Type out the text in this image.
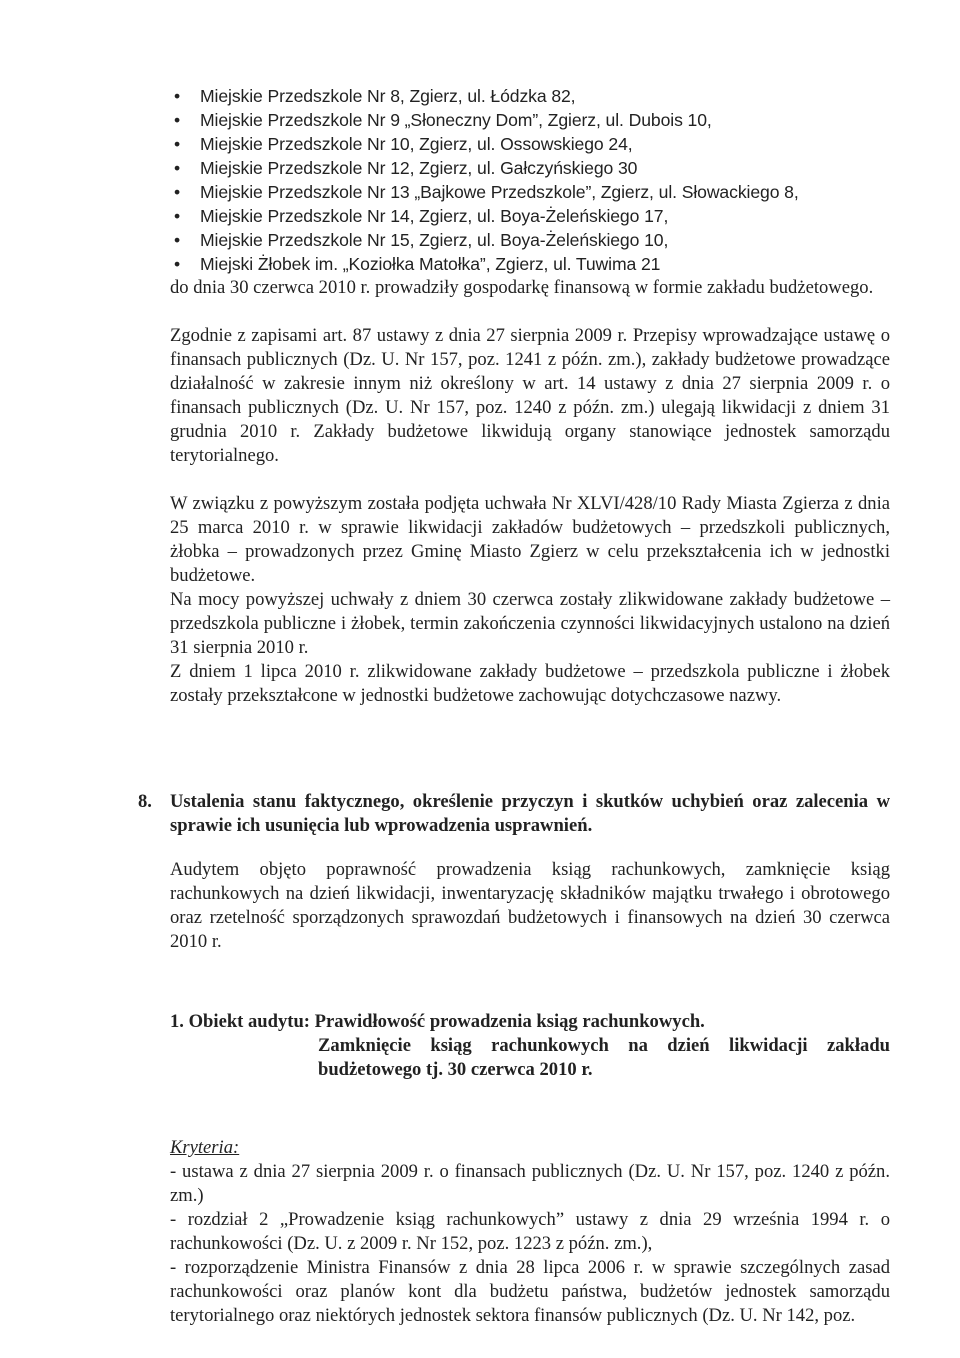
• Miejskie Przedszkole Nr 8, Zgierz, ul. Łódzka 82,
• Miejskie Przedszkole Nr 9 „Słoneczny Dom”, Zgierz, ul. Dubois 10,
• Miejskie Przedszkole Nr 10, Zgierz, ul. Ossowskiego 24,
• Miejskie Przedszkole Nr 12, Zgierz, ul. Gałczyńskiego 30
• Miejskie Przedszkole Nr 13 „Bajkowe Przedszkole”, Zgierz, ul. Słowackiego 8,
• Miejskie Przedszkole Nr 14, Zgierz, ul. Boya-Żeleńskiego 17,
• Miejskie Przedszkole Nr 15, Zgierz, ul. Boya-Żeleńskiego 10,
• Miejski Żłobek im. „Koziołka Matołka”, Zgierz, ul. Tuwima 21

do dnia 30 czerwca 2010 r. prowadziły gospodarkę finansową w formie zakładu budżetowego.

Zgodnie z zapisami art. 87 ustawy z dnia 27 sierpnia 2009 r. Przepisy wprowadzające ustawę o finansach publicznych (Dz. U. Nr 157, poz. 1241 z późn. zm.), zakłady budżetowe prowadzące działalność w zakresie innym niż określony w art. 14 ustawy z dnia 27 sierpnia 2009 r. o finansach publicznych (Dz. U. Nr 157, poz. 1240 z późn. zm.) ulegają likwidacji z dniem 31 grudnia 2010 r. Zakłady budżetowe likwidują organy stanowiące jednostek samorządu terytorialnego.

W związku z powyższym została podjęta uchwała Nr XLVI/428/10 Rady Miasta Zgierza z dnia 25 marca 2010 r. w sprawie likwidacji zakładów budżetowych – przedszkoli publicznych, żłobka – prowadzonych przez Gminę Miasto Zgierz w celu przekształcenia ich w jednostki budżetowe.

Na mocy powyższej uchwały z dniem 30 czerwca zostały zlikwidowane zakłady budżetowe – przedszkola publiczne i żłobek, termin zakończenia czynności likwidacyjnych ustalono na dzień 31 sierpnia 2010 r.

Z dniem 1 lipca 2010 r. zlikwidowane zakłady budżetowe – przedszkola publiczne i żłobek zostały przekształcone w jednostki budżetowe zachowując dotychczasowe nazwy.

8. Ustalenia stanu faktycznego, określenie przyczyn i skutków uchybień oraz zalecenia w sprawie ich usunięcia lub wprowadzenia usprawnień.

Audytem objęto poprawność prowadzenia ksiąg rachunkowych, zamknięcie ksiąg rachunkowych na dzień likwidacji, inwentaryzację składników majątku trwałego i obrotowego oraz rzetelność sporządzonych sprawozdań budżetowych i finansowych na dzień 30 czerwca 2010 r.

1. Obiekt audytu: Prawidłowość prowadzenia ksiąg rachunkowych.
Zamknięcie ksiąg rachunkowych na dzień likwidacji zakładu budżetowego tj. 30 czerwca 2010 r.
Kryteria:

- ustawa z dnia 27 sierpnia 2009 r. o finansach publicznych (Dz. U. Nr 157, poz. 1240 z późn. zm.)

- rozdział 2 „Prowadzenie ksiąg rachunkowych” ustawy z dnia 29 września 1994 r. o rachunkowości (Dz. U. z 2009 r. Nr 152, poz. 1223 z późn. zm.),

- rozporządzenie Ministra Finansów z dnia 28 lipca 2006 r. w sprawie szczególnych zasad rachunkowości oraz planów kont dla budżetu państwa, budżetów jednostek samorządu terytorialnego oraz niektórych jednostek sektora finansów publicznych (Dz. U. Nr 142, poz.
